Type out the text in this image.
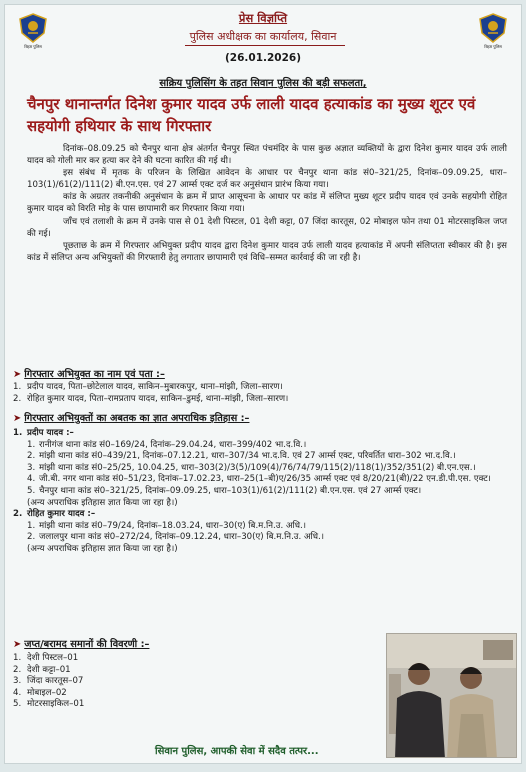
बिहार पुलिस	बिहार पुलिस
प्रेस विज्ञप्ति
पुलिस अधीक्षक का कार्यालय, सिवान
(26.01.2026)
सक्रिय पुलिसिंग के तहत सिवान पुलिस की बड़ी सफलता,
चैनपुर थानान्तर्गत दिनेश कुमार यादव उर्फ लाली यादव हत्याकांड का मुख्य शूटर एवं सहयोगी हथियार के साथ गिरफ्तार

दिनांक–08.09.25 को चैनपुर थाना क्षेत्र अंतर्गत चैनपुर स्थित पंचमंदिर के पास कुछ अज्ञात व्यक्तियों के द्वारा दिनेश कुमार यादव उर्फ लाली यादव को गोली मार कर हत्या कर देने की घटना कारित की गई थी।

इस संबंध में मृतक के परिजन के लिखित आवेदन के आधार पर चैनपुर थाना कांड सं0–321/25, दिनांक–09.09.25, धारा–103(1)/61(2)/111(2) बी.एन.एस. एवं 27 आर्म्स एक्ट दर्ज कर अनुसंधान प्रारंभ किया गया।

कांड के अग्रतर तकनीकी अनुसंधान के क्रम में प्राप्त आसूचना के आधार पर कांड में संलिप्त मुख्य शूटर प्रदीप यादव एवं उनके सहयोगी रोहित कुमार यादव को विरति मोड़ के पास छापामारी कर गिरफ्तार किया गया।

जाँच एवं तलाशी के क्रम में उनके पास से 01 देशी पिस्टल, 01 देशी कट्टा, 07 जिंदा कारतूस, 02 मोबाइल फोन तथा 01 मोटरसाइकिल जप्त की गई।

पूछताछ के क्रम में गिरफ्तार अभियुक्त प्रदीप यादव द्वारा दिनेश कुमार यादव उर्फ लाली यादव हत्याकांड में अपनी संलिप्तता स्वीकार की है। इस कांड में संलिप्त अन्य अभियुक्तों की गिरफ्तारी हेतु लगातार छापामारी एवं विधि–सम्मत कार्रवाई की जा रही है।

➤ गिरफ्तार अभियुक्त का नाम एवं पता :–
1. प्रदीप यादव, पिता–छोटेलाल यादव, साकिन–मुबारकपुर, थाना–मांझी, जिला–सारण।
2. रोहित कुमार यादव, पिता–रामप्रताप यादव, साकिन–डुमई, थाना–मांझी, जिला–सारण।
➤ गिरफ्तार अभियुक्तों का अबतक का ज्ञात अपराधिक इतिहास :–
1. प्रदीप यादव :–
1. रानीगंज थाना कांड सं0–169/24, दिनांक–29.04.24, धारा–399/402 भा.द.वि.।
2. मांझी थाना कांड सं0–439/21, दिनांक–07.12.21, धारा–307/34 भा.द.वि. एवं 27 आर्म्स एक्ट, परिवर्तित धारा–302 भा.द.वि.।
3. मांझी थाना कांड सं0–25/25, 10.04.25, धारा–303(2)/3(5)/109(4)/76/74/79/115(2)/118(1)/352/351(2) बी.एन.एस.।
4. जी.बी. नगर थाना कांड सं0–51/23, दिनांक–17.02.23, धारा–25(1–बी)ए/26/35 आर्म्स एक्ट एवं 8/20/21(बी)/22 एन.डी.पी.एस. एक्ट।
5. चैनपुर थाना कांड सं0–321/25, दिनांक–09.09.25, धारा–103(1)/61(2)/111(2) बी.एन.एस. एवं 27 आर्म्स एक्ट।
(अन्य अपराधिक इतिहास ज्ञात किया जा रहा है।)
2. रोहित कुमार यादव :–
1. मांझी थाना कांड सं0–79/24, दिनांक–18.03.24, धारा–30(ए) बि.म.नि.उ. अधि.।
2. जलालपुर थाना कांड सं0–272/24, दिनांक–09.12.24, धारा–30(ए) बि.म.नि.उ. अधि.।
(अन्य अपराधिक इतिहास ज्ञात किया जा रहा है।)
➤ जप्त/बरामद समानों की विवरणी :–
1. देशी पिस्टल–01
2. देशी कट्टा–01
3. जिंदा कारतूस–07
4. मोबाइल–02
5. मोटरसाइकिल–01
सिवान पुलिस, आपकी सेवा में सदैव तत्पर...
